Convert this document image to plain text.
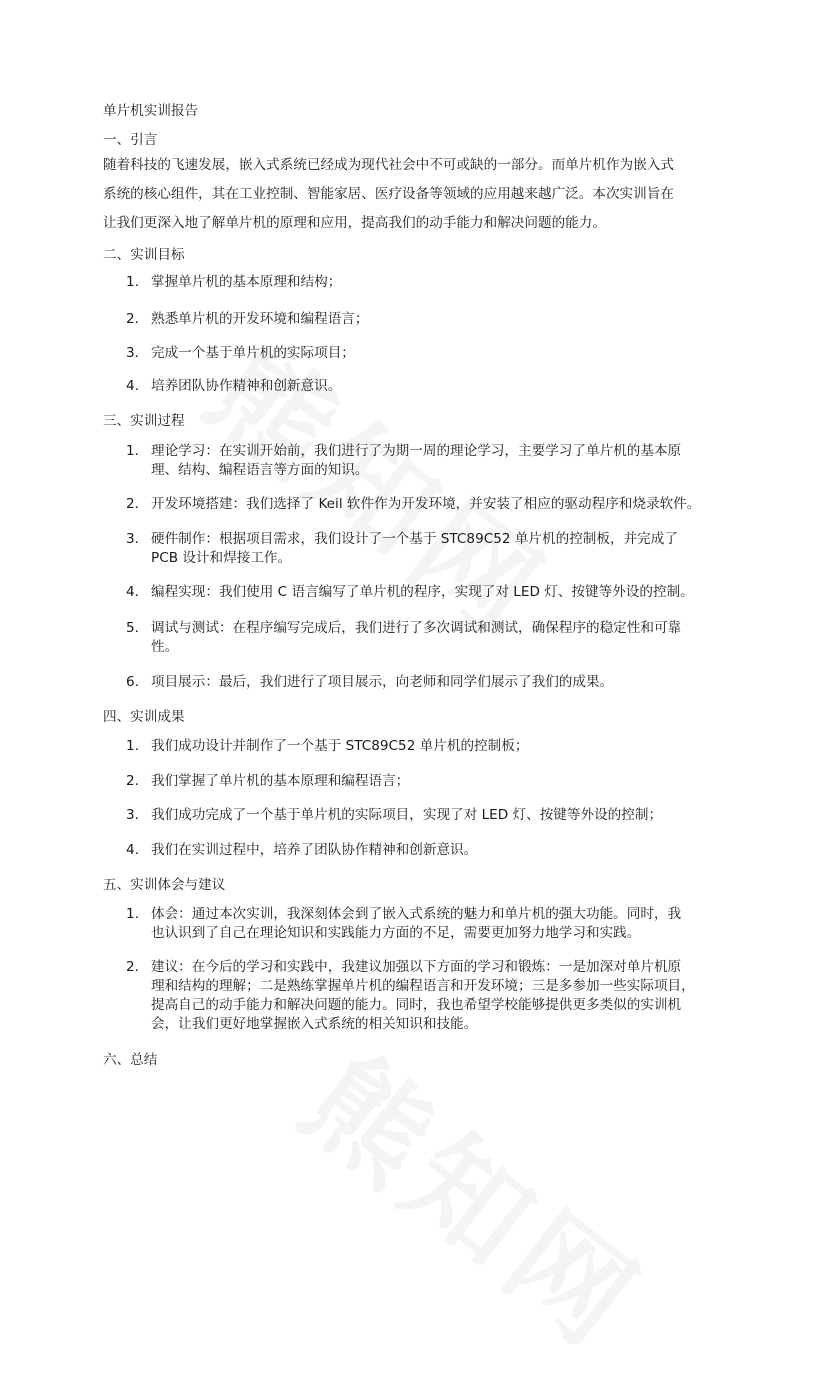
单片机实训报告
一、引言
随着科技的飞速发展，嵌入式系统已经成为现代社会中不可或缺的一部分。而单片机作为嵌入式
系统的核心组件，其在工业控制、智能家居、医疗设备等领域的应用越来越广泛。本次实训旨在
让我们更深入地了解单片机的原理和应用，提高我们的动手能力和解决问题的能力。
二、实训目标
1. 掌握单片机的基本原理和结构；
2. 熟悉单片机的开发环境和编程语言；
3. 完成一个基于单片机的实际项目；
4. 培养团队协作精神和创新意识。
三、实训过程
1. 理论学习：在实训开始前，我们进行了为期一周的理论学习，主要学习了单片机的基本原
理、结构、编程语言等方面的知识。
2. 开发环境搭建：我们选择了 Keil 软件作为开发环境，并安装了相应的驱动程序和烧录软件。
3. 硬件制作：根据项目需求，我们设计了一个基于 STC89C52 单片机的控制板，并完成了
PCB 设计和焊接工作。
4. 编程实现：我们使用 C 语言编写了单片机的程序，实现了对 LED 灯、按键等外设的控制。
5. 调试与测试：在程序编写完成后，我们进行了多次调试和测试，确保程序的稳定性和可靠
性。
6. 项目展示：最后，我们进行了项目展示，向老师和同学们展示了我们的成果。
四、实训成果
1. 我们成功设计并制作了一个基于 STC89C52 单片机的控制板；
2. 我们掌握了单片机的基本原理和编程语言；
3. 我们成功完成了一个基于单片机的实际项目，实现了对 LED 灯、按键等外设的控制；
4. 我们在实训过程中，培养了团队协作精神和创新意识。
五、实训体会与建议
1. 体会：通过本次实训，我深刻体会到了嵌入式系统的魅力和单片机的强大功能。同时，我
也认识到了自己在理论知识和实践能力方面的不足，需要更加努力地学习和实践。
2. 建议：在今后的学习和实践中，我建议加强以下方面的学习和锻炼：一是加深对单片机原
理和结构的理解；二是熟练掌握单片机的编程语言和开发环境；三是多参加一些实际项目，
提高自己的动手能力和解决问题的能力。同时，我也希望学校能够提供更多类似的实训机
会，让我们更好地掌握嵌入式系统的相关知识和技能。
六、总结
